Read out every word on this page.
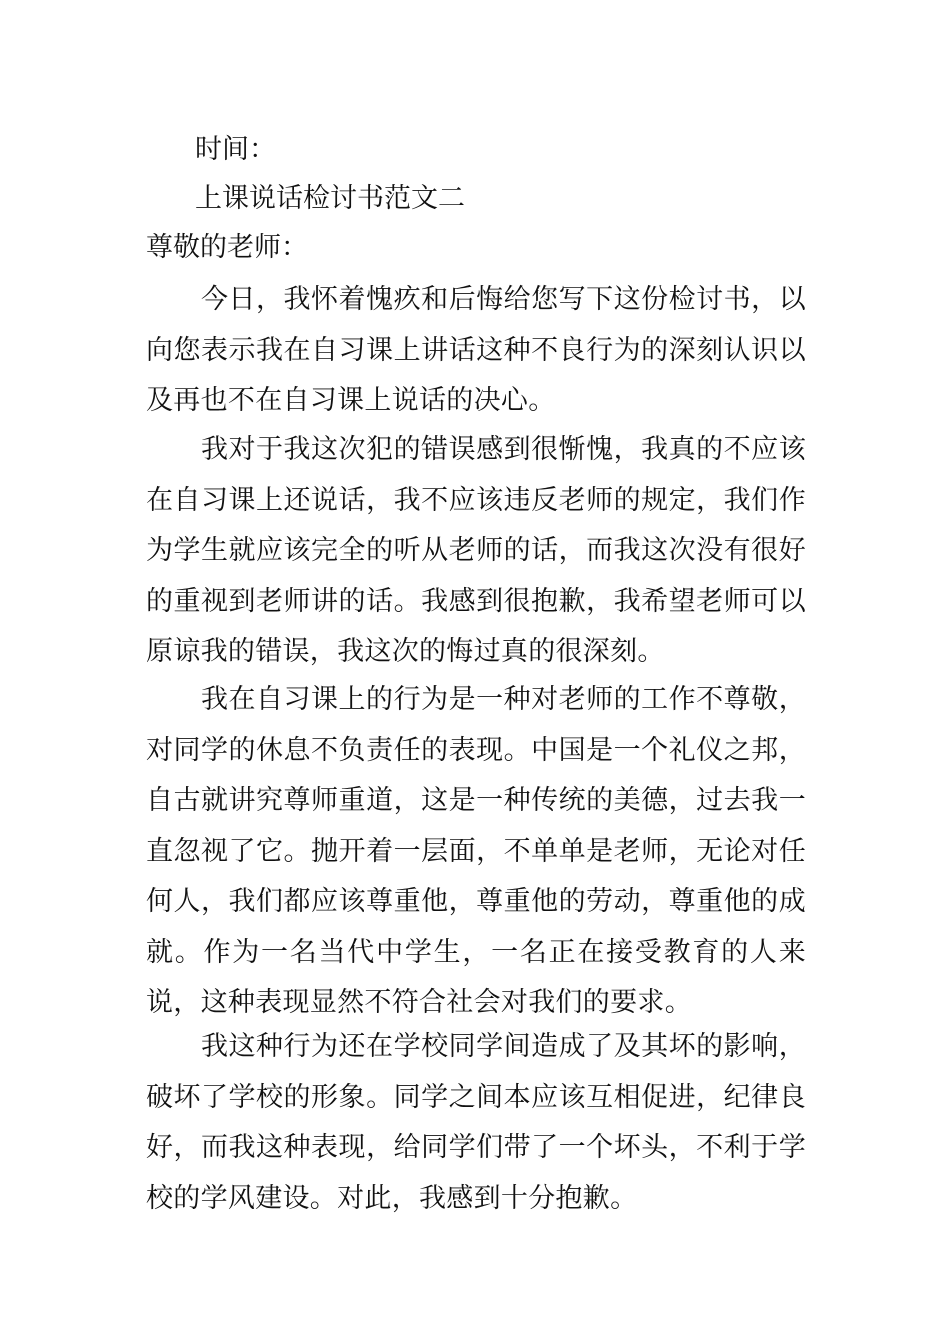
时间：
上课说话检讨书范文二
尊敬的老师：
今日，我怀着愧疚和后悔给您写下这份检讨书，以向您表示我在自习课上讲话这种不良行为的深刻认识以及再也不在自习课上说话的决心。
我对于我这次犯的错误感到很惭愧，我真的不应该在自习课上还说话，我不应该违反老师的规定，我们作为学生就应该完全的听从老师的话，而我这次没有很好的重视到老师讲的话。我感到很抱歉，我希望老师可以原谅我的错误，我这次的悔过真的很深刻。
我在自习课上的行为是一种对老师的工作不尊敬，对同学的休息不负责任的表现。中国是一个礼仪之邦，自古就讲究尊师重道，这是一种传统的美德，过去我一直忽视了它。抛开着一层面，不单单是老师，无论对任何人，我们都应该尊重他，尊重他的劳动，尊重他的成就。作为一名当代中学生，一名正在接受教育的人来说，这种表现显然不符合社会对我们的要求。
我这种行为还在学校同学间造成了及其坏的影响，破坏了学校的形象。同学之间本应该互相促进，纪律良好，而我这种表现，给同学们带了一个坏头，不利于学校的学风建设。对此，我感到十分抱歉。
